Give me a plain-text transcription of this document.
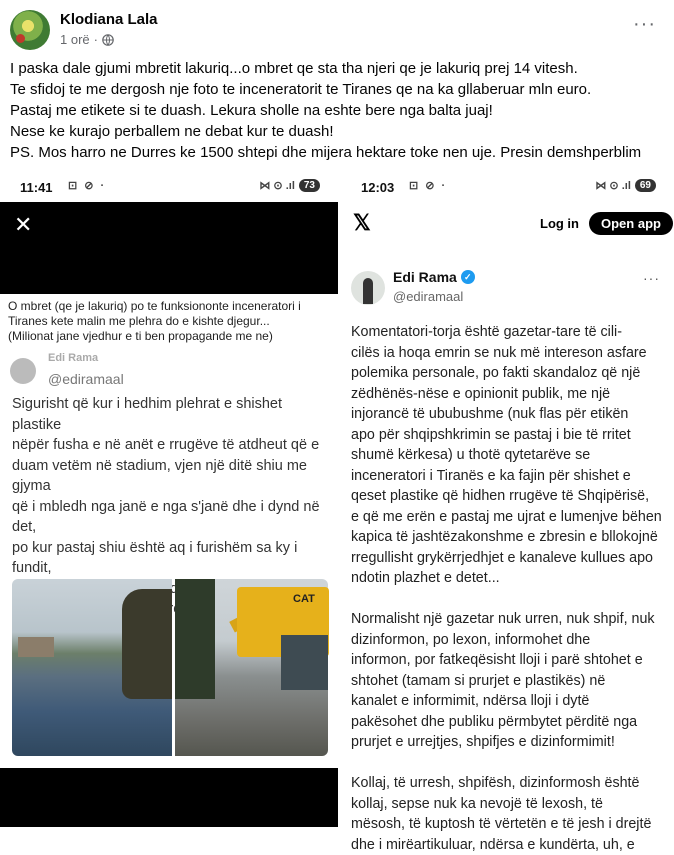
Klodiana Lala
1 orë ·
···

I paska dale gjumi mbretit lakuriq...o mbret qe sta tha njeri qe je lakuriq prej 14 vitesh.

Te sfidoj te me dergosh nje foto te inceneratorit te Tiranes qe na ka gllaberuar mln euro.

Pastaj me etikete si te duash. Lekura sholle na eshte bere nga balta juaj!

Nese ke kurajo perballem ne debat kur te duash!

PS. Mos harro ne Durres ke 1500 shtepi dhe mijera hektare toke nen uje. Presin demshperblim

11:41 ⊡ ⊘ ·	⋈ ⊙ .ıl 73
✕
O mbret (qe je lakuriq) po te funksiononte inceneratori i
Tiranes kete malin me plehra do e kishte djegur...
(Milionat jane vjedhur e ti ben propagande me ne)
Edi Rama
@ediramaal
Sigurisht që kur i hedhim plehrat e shishet plastike
nëpër fusha e në anët e rrugëve të atdheut që e
duam vetëm në stadium, vjen një ditë shiu me gjyma
që i mbledh nga janë e nga s'janë dhe i dynd në det,
po kur pastaj shiu është aq i furishëm sa ky i fundit,
CAT
12:03 ⊡ ⊘ ·	⋈ ⊙ .ıl 69
𝕏	Log in	Open app
Edi Rama ✓
@ediramaal
···

Komentatori-torja është gazetar-tare të cili-
cilës ia hoqa emrin se nuk më intereson asfare
polemika personale, po fakti skandaloz që një
zëdhënës-nëse e opinionit publik, me një
injorancë të ububushme (nuk flas për etikën
apo për shqipshkrimin se pastaj i bie të rritet
shumë kërkesa) u thotë qytetarëve se
inceneratori i Tiranës e ka fajin për shishet e
qeset plastike që hidhen rrugëve të Shqipërisë,
e që me erën e pastaj me ujrat e lumenjve bëhen
kapica të jashtëzakonshme e zbresin e bllokojnë
rregullisht grykërrjedhjet e kanaleve kullues apo
ndotin plazhet e detet...

Normalisht një gazetar nuk urren, nuk shpif, nuk
dizinformon, po lexon, informohet dhe
informon, por fatkeqësisht lloji i parë shtohet e
shtohet (tamam si prurjet e plastikës) në
kanalet e informimit, ndërsa lloji i dytë
pakësohet dhe publiku përmbytet përditë nga
prurjet e urrejtjes, shpifjes e dizinformimit!

Kollaj, të urresh, shpifësh, dizinformosh është
kollaj, sepse nuk ka nevojë të lexosh, të
mësosh, të kuptosh të vërtetën e të jesh i drejtë
dhe i mirëartikuluar, ndërsa e kundërta, uh, e
